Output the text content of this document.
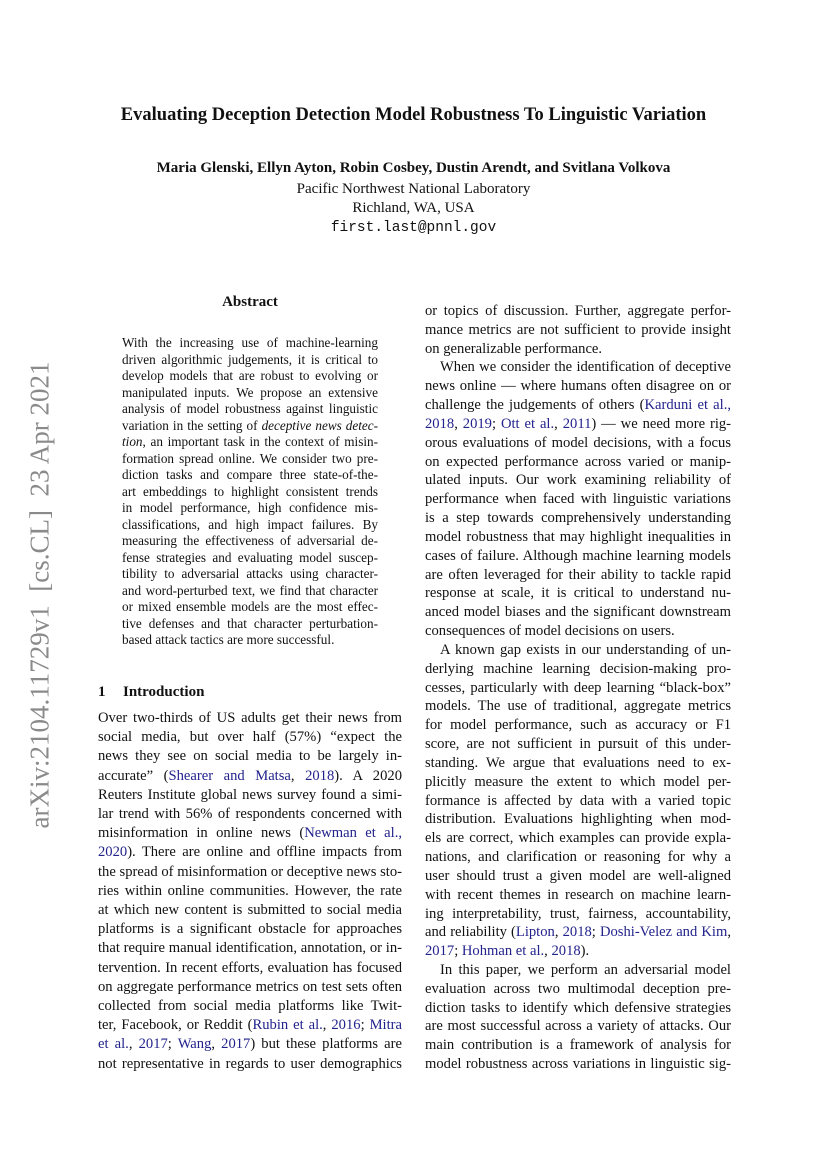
arXiv:2104.11729v1  [cs.CL]  23 Apr 2021
Evaluating Deception Detection Model Robustness To Linguistic Variation
Maria Glenski, Ellyn Ayton, Robin Cosbey, Dustin Arendt, and Svitlana Volkova
Pacific Northwest National Laboratory
Richland, WA, USA
first.last@pnnl.gov
Abstract
With the increasing use of machine-learning
driven algorithmic judgements, it is critical to
develop models that are robust to evolving or
manipulated inputs. We propose an extensive
analysis of model robustness against linguistic
variation in the setting of deceptive news detec-
tion, an important task in the context of misin-
formation spread online. We consider two pre-
diction tasks and compare three state-of-the-
art embeddings to highlight consistent trends
in model performance, high confidence mis-
classifications, and high impact failures. By
measuring the effectiveness of adversarial de-
fense strategies and evaluating model suscep-
tibility to adversarial attacks using character-
and word-perturbed text, we find that character
or mixed ensemble models are the most effec-
tive defenses and that character perturbation-
based attack tactics are more successful.
1 Introduction
Over two-thirds of US adults get their news from
social media, but over half (57%) “expect the
news they see on social media to be largely in-
accurate” (Shearer and Matsa, 2018). A 2020
Reuters Institute global news survey found a simi-
lar trend with 56% of respondents concerned with
misinformation in online news (Newman et al.,
2020). There are online and offline impacts from
the spread of misinformation or deceptive news sto-
ries within online communities. However, the rate
at which new content is submitted to social media
platforms is a significant obstacle for approaches
that require manual identification, annotation, or in-
tervention. In recent efforts, evaluation has focused
on aggregate performance metrics on test sets often
collected from social media platforms like Twit-
ter, Facebook, or Reddit (Rubin et al., 2016; Mitra
et al., 2017; Wang, 2017) but these platforms are
not representative in regards to user demographics
or topics of discussion. Further, aggregate perfor-
mance metrics are not sufficient to provide insight
on generalizable performance.
When we consider the identification of deceptive
news online — where humans often disagree on or
challenge the judgements of others (Karduni et al.,
2018, 2019; Ott et al., 2011) — we need more rig-
orous evaluations of model decisions, with a focus
on expected performance across varied or manip-
ulated inputs. Our work examining reliability of
performance when faced with linguistic variations
is a step towards comprehensively understanding
model robustness that may highlight inequalities in
cases of failure. Although machine learning models
are often leveraged for their ability to tackle rapid
response at scale, it is critical to understand nu-
anced model biases and the significant downstream
consequences of model decisions on users.
A known gap exists in our understanding of un-
derlying machine learning decision-making pro-
cesses, particularly with deep learning “black-box”
models. The use of traditional, aggregate metrics
for model performance, such as accuracy or F1
score, are not sufficient in pursuit of this under-
standing. We argue that evaluations need to ex-
plicitly measure the extent to which model per-
formance is affected by data with a varied topic
distribution. Evaluations highlighting when mod-
els are correct, which examples can provide expla-
nations, and clarification or reasoning for why a
user should trust a given model are well-aligned
with recent themes in research on machine learn-
ing interpretability, trust, fairness, accountability,
and reliability (Lipton, 2018; Doshi-Velez and Kim,
2017; Hohman et al., 2018).
In this paper, we perform an adversarial model
evaluation across two multimodal deception pre-
diction tasks to identify which defensive strategies
are most successful across a variety of attacks. Our
main contribution is a framework of analysis for
model robustness across variations in linguistic sig-
